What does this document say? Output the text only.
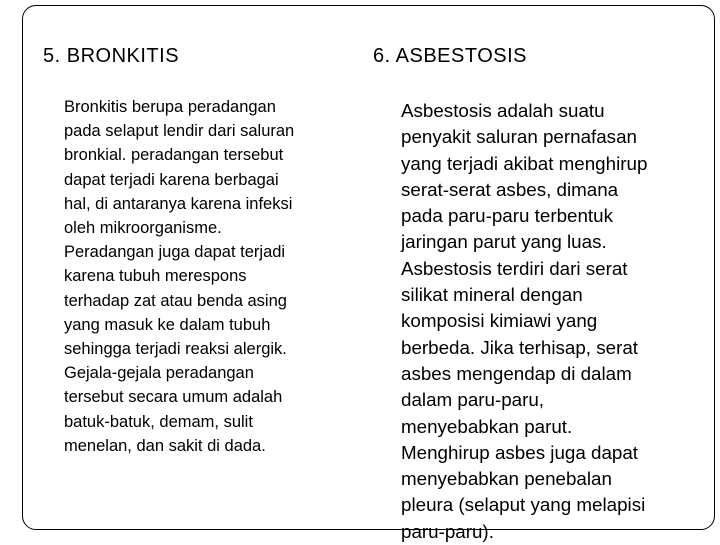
5. BRONKITIS

Bronkitis berupa peradangan
pada selaput lendir dari saluran
bronkial. peradangan tersebut
dapat terjadi karena berbagai
hal, di antaranya karena infeksi
oleh mikroorganisme.
Peradangan juga dapat terjadi
karena tubuh merespons
terhadap zat atau benda asing
yang masuk ke dalam tubuh
sehingga terjadi reaksi alergik.
Gejala-gejala peradangan
tersebut secara umum adalah
batuk-batuk, demam, sulit
menelan, dan sakit di dada.

6. ASBESTOSIS

Asbestosis adalah suatu
penyakit saluran pernafasan
yang terjadi akibat menghirup
serat-serat asbes, dimana
pada paru-paru terbentuk
jaringan parut yang luas.
Asbestosis terdiri dari serat
silikat mineral dengan
komposisi kimiawi yang
berbeda. Jika terhisap, serat
asbes mengendap di dalam
dalam paru-paru,
menyebabkan parut.
Menghirup asbes juga dapat
menyebabkan penebalan
pleura (selaput yang melapisi
paru-paru).
